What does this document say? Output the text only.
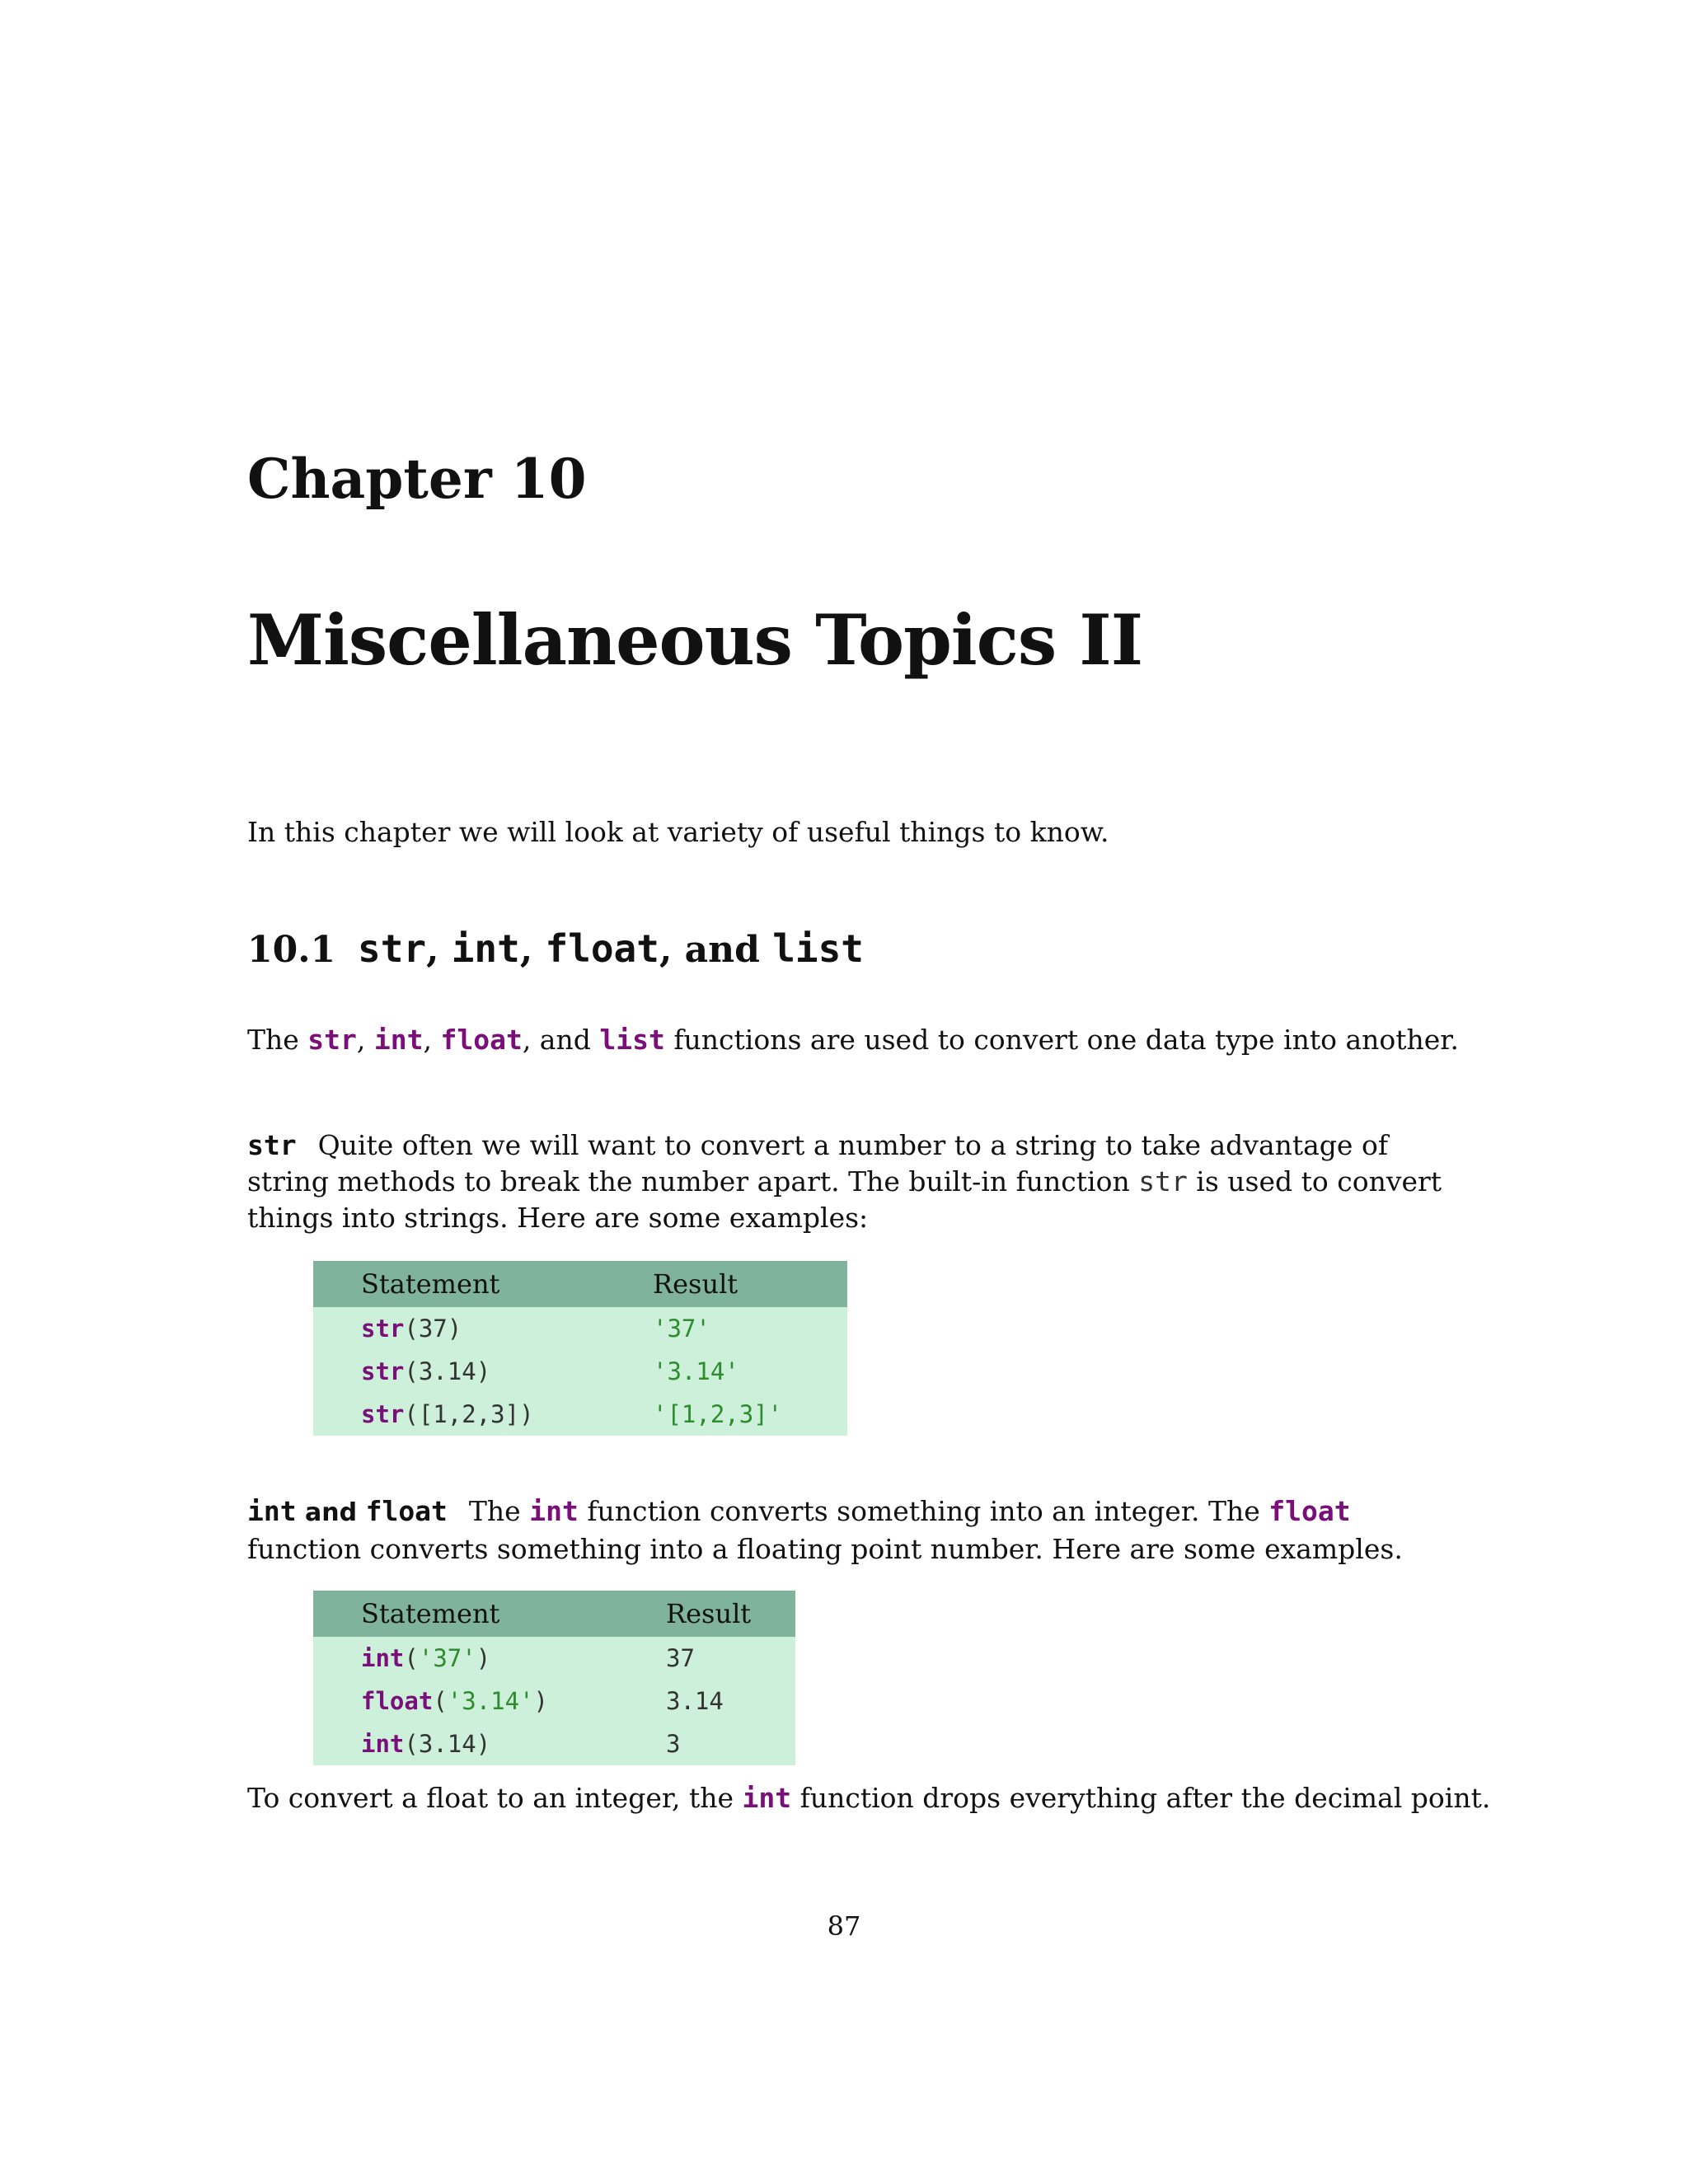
Chapter 10
Miscellaneous Topics II
In this chapter we will look at variety of useful things to know.
10.1 str, int, float, and list
The str, int, float, and list functions are used to convert one data type into another.
str Quite often we will want to convert a number to a string to take advantage of string methods to break the number apart. The built-in function str is used to convert things into strings. Here are some examples:
Statement	Result
str(37)	'37'
str(3.14)	'3.14'
str([1,2,3])	'[1,2,3]'
int and float The int function converts something into an integer. The float function converts something into a floating point number. Here are some examples.
Statement	Result
int('37')	37
float('3.14')	3.14
int(3.14)	3
To convert a float to an integer, the int function drops everything after the decimal point.
87
